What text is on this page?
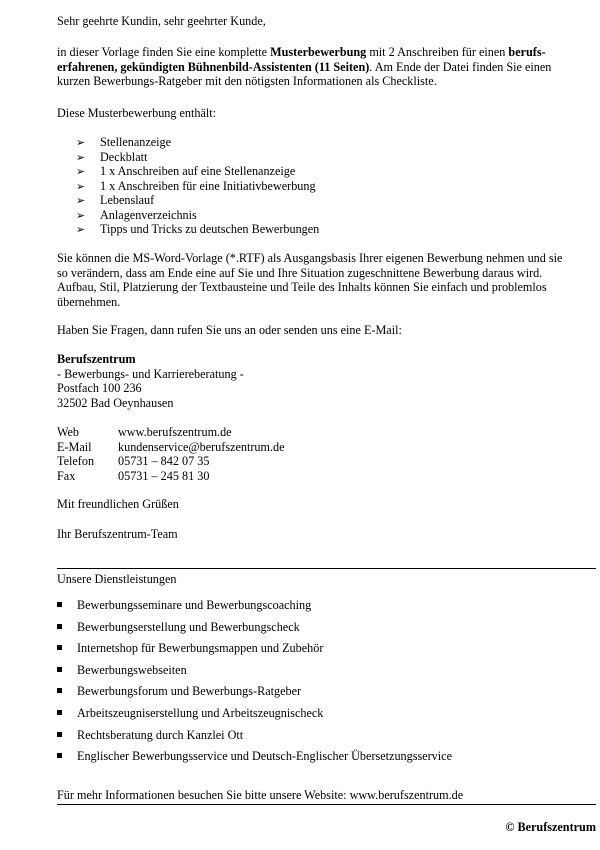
Sehr geehrte Kundin, sehr geehrter Kunde,

in dieser Vorlage finden Sie eine komplette Musterbewerbung mit 2 Anschreiben für einen berufs-
erfahrenen, gekündigten Bühnenbild-Assistenten (11 Seiten). Am Ende der Datei finden Sie einen
kurzen Bewerbungs-Ratgeber mit den nötigsten Informationen als Checkliste.

Diese Musterbewerbung enthält:

➢	Stellenanzeige
➢	Deckblatt
➢	1 x Anschreiben auf eine Stellenanzeige
➢	1 x Anschreiben für eine Initiativbewerbung
➢	Lebenslauf
➢	Anlagenverzeichnis
➢	Tipps und Tricks zu deutschen Bewerbungen
Sie können die MS-Word-Vorlage (*.RTF) als Ausgangsbasis Ihrer eigenen Bewerbung nehmen und sie
so verändern, dass am Ende eine auf Sie und Ihre Situation zugeschnittene Bewerbung daraus wird.
Aufbau, Stil, Platzierung der Textbausteine und Teile des Inhalts können Sie einfach und problemlos
übernehmen.

Haben Sie Fragen, dann rufen Sie uns an oder senden uns eine E-Mail:

Berufszentrum
- Bewerbungs- und Karriereberatung -
Postfach 100 236
32502 Bad Oeynhausen
Web	www.berufszentrum.de
E-Mail	kundenservice@berufszentrum.de
Telefon	05731 – 842 07 35
Fax	05731 – 245 81 30

Mit freundlichen Grüßen

Ihr Berufszentrum-Team

Unsere Dienstleistungen

Bewerbungsseminare und Bewerbungscoaching
Bewerbungserstellung und Bewerbungscheck
Internetshop für Bewerbungsmappen und Zubehör
Bewerbungswebseiten
Bewerbungsforum und Bewerbungs-Ratgeber
Arbeitszeugniserstellung und Arbeitszeugnischeck
Rechtsberatung durch Kanzlei Ott
Englischer Bewerbungsservice und Deutsch-Englischer Übersetzungsservice

Für mehr Informationen besuchen Sie bitte unsere Website: www.berufszentrum.de

© Berufszentrum
